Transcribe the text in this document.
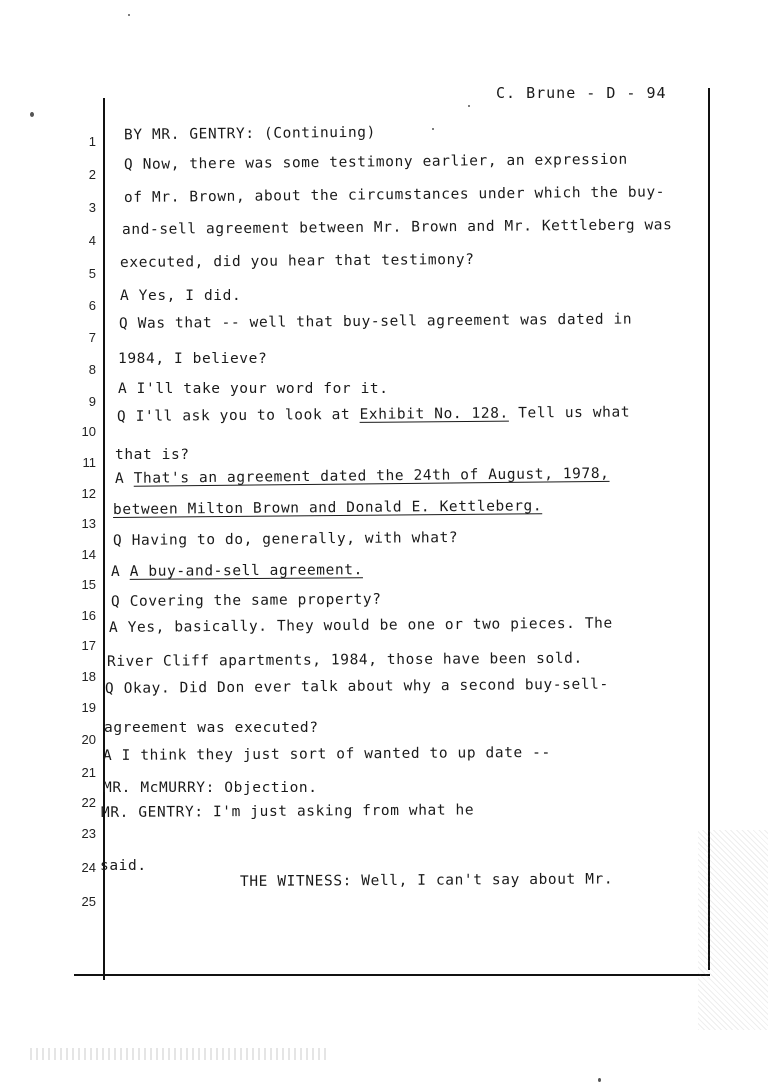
C. Brune - D - 94
1
2
3
4
5
6
7
8
9
10
11
12
13
14
15
16
17
18
19
20
21
22
23
24
25
BY MR. GENTRY: (Continuing)
Q Now, there was some testimony earlier, an expression
of Mr. Brown, about the circumstances under which the buy-
and-sell agreement between Mr. Brown and Mr. Kettleberg was
executed, did you hear that testimony?
A Yes, I did.
Q Was that -- well that buy-sell agreement was dated in
1984, I believe?
A I'll take your word for it.
Q I'll ask you to look at Exhibit No. 128. Tell us what
that is?
A That's an agreement dated the 24th of August, 1978,
between Milton Brown and Donald E. Kettleberg.
Q Having to do, generally, with what?
A A buy-and-sell agreement.
Q Covering the same property?
A Yes, basically. They would be one or two pieces. The
River Cliff apartments, 1984, those have been sold.
Q Okay. Did Don ever talk about why a second buy-sell-
agreement was executed?
A I think they just sort of wanted to up date --
MR. McMURRY: Objection.
MR. GENTRY: I'm just asking from what he
said.
THE WITNESS: Well, I can't say about Mr.
